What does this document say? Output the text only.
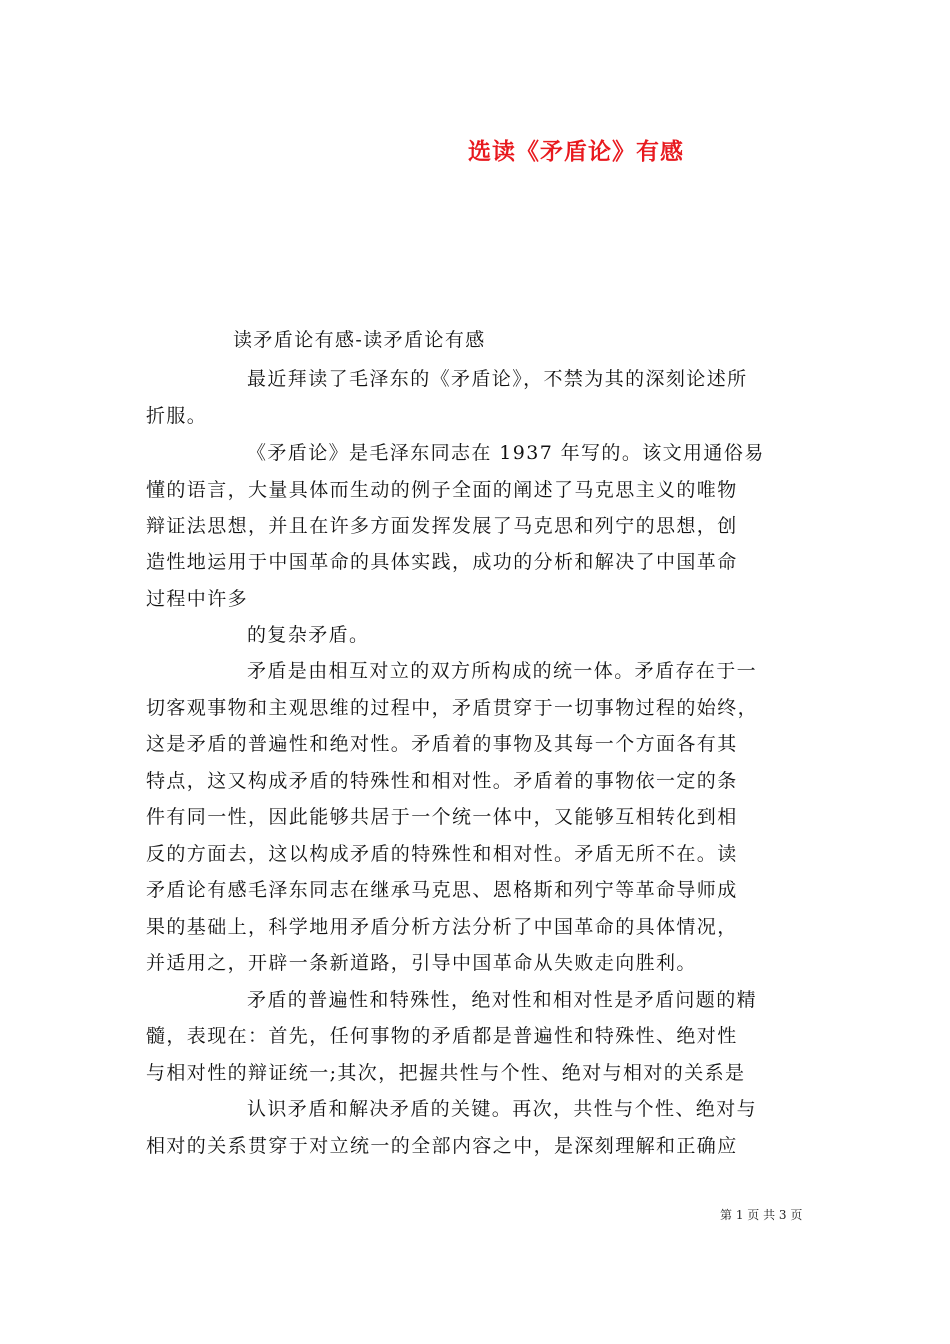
选读《矛盾论》有感
读矛盾论有感-读矛盾论有感
最近拜读了毛泽东的《矛盾论》，不禁为其的深刻论述所
折服。
《矛盾论》是毛泽东同志在 1937 年写的。该文用通俗易
懂的语言，大量具体而生动的例子全面的阐述了马克思主义的唯物
辩证法思想，并且在许多方面发挥发展了马克思和列宁的思想，创
造性地运用于中国革命的具体实践，成功的分析和解决了中国革命
过程中许多
的复杂矛盾。
矛盾是由相互对立的双方所构成的统一体。矛盾存在于一
切客观事物和主观思维的过程中，矛盾贯穿于一切事物过程的始终，
这是矛盾的普遍性和绝对性。矛盾着的事物及其每一个方面各有其
特点，这又构成矛盾的特殊性和相对性。矛盾着的事物依一定的条
件有同一性，因此能够共居于一个统一体中，又能够互相转化到相
反的方面去，这以构成矛盾的特殊性和相对性。矛盾无所不在。读
矛盾论有感毛泽东同志在继承马克思、恩格斯和列宁等革命导师成
果的基础上，科学地用矛盾分析方法分析了中国革命的具体情况，
并适用之，开辟一条新道路，引导中国革命从失败走向胜利。
矛盾的普遍性和特殊性，绝对性和相对性是矛盾问题的精
髓，表现在：首先，任何事物的矛盾都是普遍性和特殊性、绝对性
与相对性的辩证统一;其次，把握共性与个性、绝对与相对的关系是
认识矛盾和解决矛盾的关键。再次，共性与个性、绝对与
相对的关系贯穿于对立统一的全部内容之中，是深刻理解和正确应
第 1 页 共 3 页
